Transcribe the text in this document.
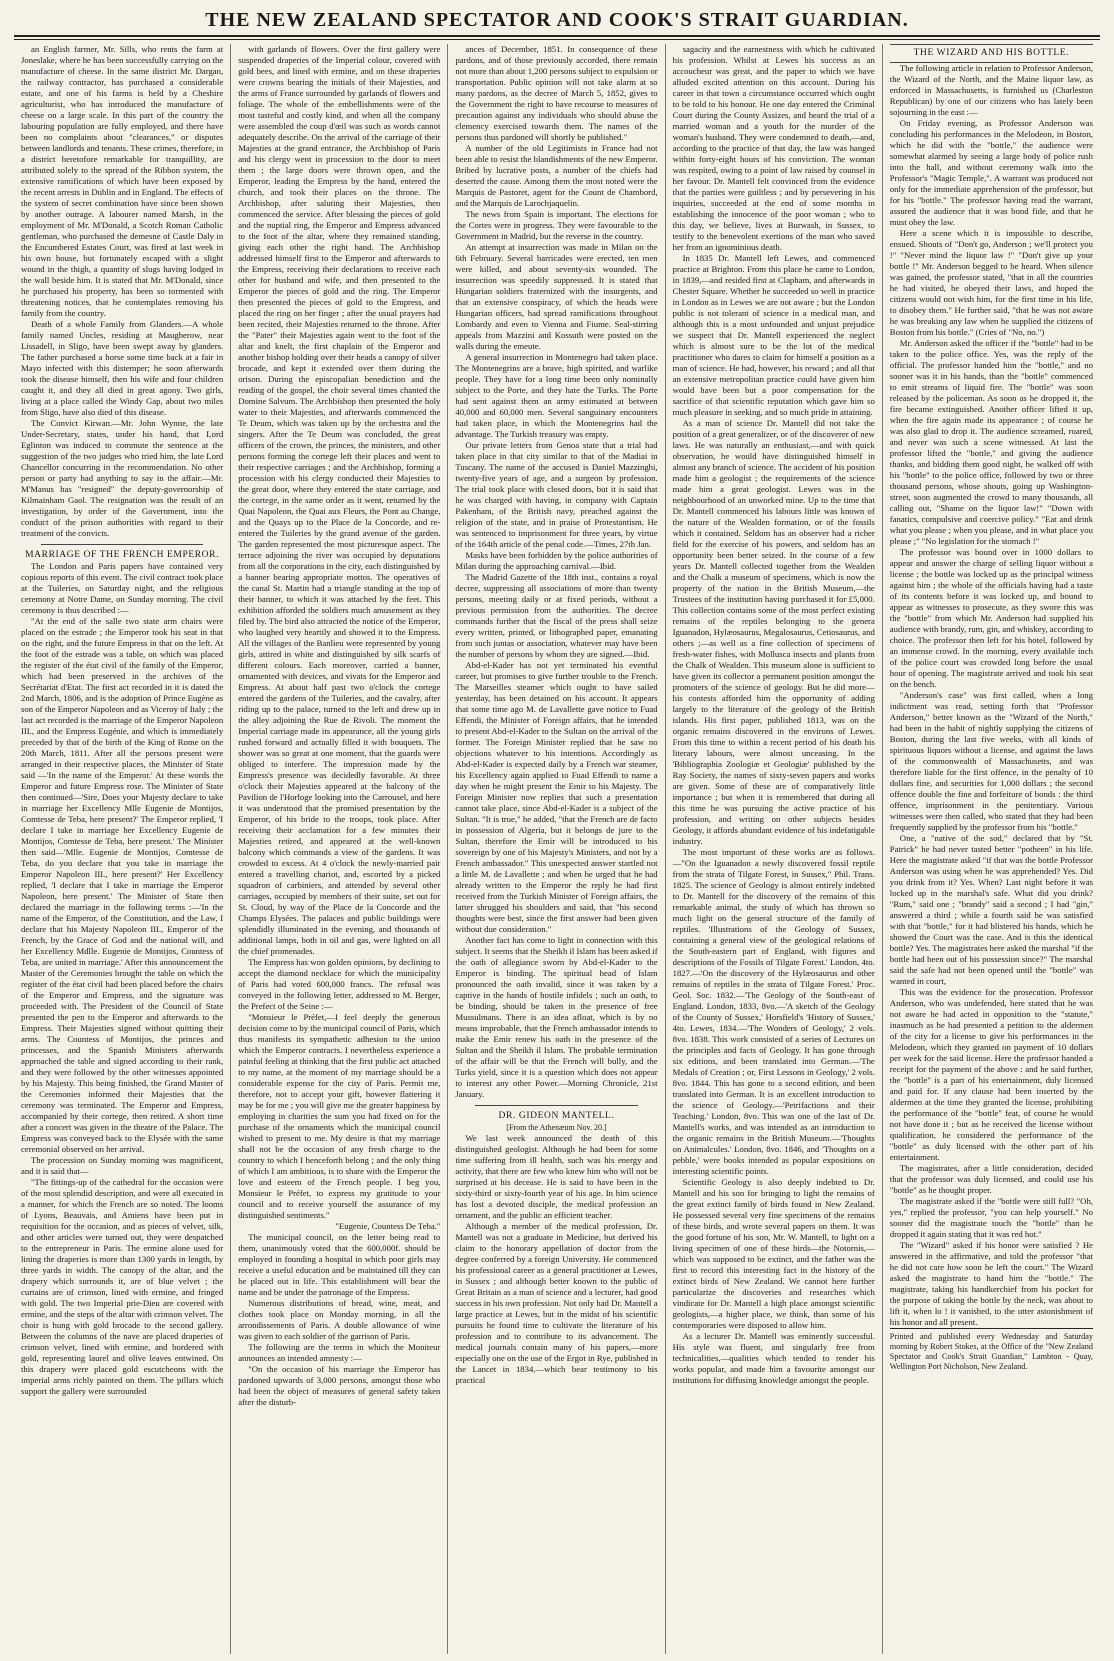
THE NEW ZEALAND SPECTATOR AND COOK'S STRAIT GUARDIAN.

an English farmer, Mr. Sills, who rents the farm at Joneslake, where he has been successfully carrying on the manufacture of cheese. In the same district Mr. Dargan, the railway contractor, has purchased a considerable estate, and one of his farms is held by a Cheshire agriculturist, who has introduced the manufacture of cheese on a large scale. In this part of the country the labouring population are fully employed, and there have been no complaints about "clearances," or disputes between landlords and tenants. These crimes, therefore, in a district heretofore remarkable for tranquillity, are attributed solely to the spread of the Ribbon system, the extensive ramifications of which have been exposed by the recent arrests in Dublin and in England. The effects of the system of secret combination have since been shown by another outrage. A labourer named Marsh, in the employment of Mr. M'Donald, a Scotch Roman Catholic gentleman, who purchased the demesne of Castle Daly in the Encumbered Estates Court, was fired at last week in his own house, but fortunately escaped with a slight wound in the thigh, a quantity of slugs having lodged in the wall beside him. It is stated that Mr. M'Donald, since he purchased his property, has been so tormented with threatening notices, that he contemplates removing his family from the country.

Death of a whole Family from Glanders.—A whole family named Uncles, residing at Maugherow, near Lissadell, in Sligo, have been swept away by glanders. The father purchased a horse some time back at a fair in Mayo infected with this distemper; he soon afterwards took the disease himself, then his wife and four children caught it, and they all died in great agony. Two girls, living at a place called the Windy Gap, about two miles from Sligo, have also died of this disease.

The Convict Kirwan.—Mr. John Wynne, the late Under-Secretary, states, under his hand, that Lord Eglinton was induced to commute the sentence at the suggestion of the two judges who tried him, the late Lord Chancellor concurring in the recommendation. No other person or party had anything to say in the affair.—Mr. M'Manus has "resigned" the deputy-governorship of Kilmainham Gaol. The resignation was the result of an investigation, by order of the Government, into the conduct of the prison authorities with regard to their treatment of the convicts.

MARRIAGE OF THE FRENCH EMPEROR.

The London and Paris papers have contained very copious reports of this event. The civil contract took place at the Tuileries, on Saturday night, and the religious ceremony at Notre Dame, on Sunday morning. The civil ceremony is thus described :—

"At the end of the salle two state arm chairs were placed on the estrade ; the Emperor took his seat in that on the right, and the future Empress in that on the left. At the foot of the estrade was a table, on which was placed the register of the état civil of the family of the Emperor, which had been preserved in the archives of the Secrétariat d'Etat. The first act recorded in it is dated the 2nd March, 1806, and is the adoption of Prince Eugène as son of the Emperor Napoleon and as Viceroy of Italy ; the last act recorded is the marriage of the Emperor Napoleon III., and the Empress Eugénie, and which is immediately preceded by that of the birth of the King of Rome on the 20th March, 1811. After all the persons present were arranged in their respective places, the Minister of State said —'In the name of the Emperor.' At these words the Emperor and future Empress rose. The Minister of State then continued—'Sire, Does your Majesty declare to take in marriage her Excellency Mlle Eugenie de Montijos, Comtesse de Teba, here present?' The Emperor replied, 'I declare I take in marriage her Excellency Eugenie de Montijos, Comtesse de Teba, here present.' The Minister then said—'Mlle. Eugenie de Montijos, Comtesse de Teba, do you declare that you take in marriage the Emperor Napoleon III., here present?' Her Excellency replied, 'I declare that I take in marriage the Emperor Napoleon, here present.' The Minister of State then declared the marriage in the following terms :—'In the name of the Emperor, of the Constitution, and the Law, I declare that his Majesty Napoleon III., Emperor of the French, by the Grace of God and the national will, and her Excellency Mdlle. Eugenie de Montijos, Countess of Teba, are united in marriage.' After this announcement the Master of the Ceremonies brought the table on which the register of the état civil had been placed before the chairs of the Emperor and Empress, and the signature was proceeded with. The President of the Council of State presented the pen to the Emperor and afterwards to the Empress. Their Majesties signed without quitting their arms. The Countess of Montijos, the princes and princesses, and the Spanish Ministers afterwards approached the table and signed according to their rank, and they were followed by the other witnesses appointed by his Majesty. This being finished, the Grand Master of the Ceremonies informed their Majesties that the ceremony was terminated. The Emperor and Empress, accompanied by their cortege, then retired. A short time after a concert was given in the theatre of the Palace. The Empress was conveyed back to the Elysée with the same ceremonial observed on her arrival.

The procession on Sunday morning was magnificent, and it is said that—

"The fittings-up of the cathedral for the occasion were of the most splendid description, and were all executed in a manner, for which the French are so noted. The looms of Lyons, Beauvais, and Amiens have been put in requisition for the occasion, and as pieces of velvet, silk, and other articles were turned out, they were despatched to the entrepreneur in Paris. The ermine alone used for lining the draperies is more than 1300 yards in length, by three yards in width. The canopy of the altar, and the drapery which surrounds it, are of blue velvet ; the curtains are of crimson, lined with ermine, and fringed with gold. The two Imperial prie-Dieu are covered with ermine, and the steps of the altar with crimson velvet. The choir is hung with gold brocade to the second gallery. Between the columns of the nave are placed draperies of crimson velvet, lined with ermine, and bordered with gold, representing laurel and olive leaves entwined. On this drapery were placed gold escutcheons with the imperial arms richly painted on them. The pillars which support the gallery were surrounded

with garlands of flowers. Over the first gallery were suspended draperies of the Imperial colour, covered with gold bees, and lined with ermine, and on these draperies were crowns bearing the initials of their Majesties, and the arms of France surrounded by garlands of flowers and foliage. The whole of the embellishments were of the most tasteful and costly kind, and when all the company were assembled the coup d'œil was such as words cannot adequately describe. On the arrival of the carriage of their Majesties at the grand entrance, the Archbishop of Paris and his clergy went in procession to the door to meet them ; the large doors were thrown open, and the Emperor, leading the Empress by the hand, entered the church, and took their places on the throne. The Archbishop, after saluting their Majesties, then commenced the service. After blessing the pieces of gold and the nuptial ring, the Emperor and Empress advanced to the foot of the altar, where they remained standing, giving each other the right hand. The Archbishop addressed himself first to the Emperor and afterwards to the Empress, receiving their declarations to receive each other for husband and wife, and then presented to the Emperor the pieces of gold and the ring. The Emperor then presented the pieces of gold to the Empress, and placed the ring on her finger ; after the usual prayers had been recited, their Majesties returned to the throne. After the "Pater" their Majesties again went to the foot of the altar and knelt, the first chaplain of the Emperor and another bishop holding over their heads a canopy of silver brocade, and kept it extended over them during the orison. During the episcopalian benediction and the reading of the gospel, the choir several times chanted the Domine Salvum. The Archbishop then presented the holy water to their Majesties, and afterwards commenced the Te Deum, which was taken up by the orchestra and the singers. After the Te Deum was concluded, the great officers of the crown, the princes, the ministers, and other persons forming the cortege left their places and went to their respective carriages ; and the Archbishop, forming a procession with his clergy conducted their Majesties to the great door, where they entered the state carriage, and the cortege, in the same order as it went, returned by the Quai Napoleon, the Quai aux Fleurs, the Pont au Change, and the Quays up to the Place de la Concorde, and re-entered the Tuileries by the grand avenue of the garden. The garden represented the most picturesque aspect. The terrace adjoining the river was occupied by deputations from all the corporations in the city, each distinguished by a banner bearing appropriate mottos. The operatives of the canal St. Martin had a triangle standing at the top of their banner, to which it was attached by the feet. This exhibition afforded the soldiers much amusement as they filed by. The bird also attracted the notice of the Emperor, who laughed very heartily and showed it to the Empress. All the villages of the Banlieu were represented by young girls, attired in white and distinguished by silk scarfs of different colours. Each moreover, carried a banner, ornamented with devices, and vivats for the Emperor and Empress. At about half past two o'clock the cortege entered the gardens of the Tuileries, and the cavalry, after riding up to the palace, turned to the left and drew up in the alley adjoining the Rue de Rivoli. The moment the Imperial carriage made its appearance, all the young girls rushed forward and actually filled it with bouquets. The shower was so great at one moment, that the guards were obliged to interfere. The impression made by the Empress's presence was decidedly favorable. At three o'clock their Majesties appeared at the balcony of the Pavilion de l'Horloge looking into the Carrousel, and here it was understood that the promised presentation by the Emperor, of his bride to the troops, took place. After receiving their acclamation for a few minutes their Majesties retired, and appeared at the well-known balcony which commands a view of the gardens. It was crowded to excess. At 4 o'clock the newly-married pair entered a travelling chariot, and, escorted by a picked squadron of carbiniers, and attended by several other carriages, occupied by members of their suite, set out for St. Cloud, by way of the Place de la Concorde and the Champs Elysées. The palaces and public buildings were splendidly illuminated in the evening, and thousands of additional lamps, both in oil and gas, were lighted on all the chief promenades.

The Empress has won golden opinions, by declining to accept the diamond necklace for which the municipality of Paris had voted 600,000 francs. The refusal was conveyed in the following letter, addressed to M. Berger, the Prefect of the Seine :—

"Monsieur le Préfet,—I feel deeply the generous decision come to by the municipal council of Paris, which thus manifests its sympathetic adhesion to the union which the Emperor contracts. I nevertheless experience a painful feeling at thinking that the first public act attached to my name, at the moment of my marriage should be a considerable expense for the city of Paris. Permit me, therefore, not to accept your gift, however flattering it may be for me ; you will give me the greater happiness by employing in charities the sum you had fixed on for the purchase of the ornaments which the municipal council wished to present to me. My desire is that my marriage shall not be the occasion of any fresh charge to the country to which I henceforth belong ; and the only thing of which I am ambitious, is to share with the Emperor the love and esteem of the French people. I beg you, Monsieur le Préfet, to express my gratitude to your council and to receive yourself the assurance of my distinguished sentiments."

"Eugenie, Countess De Teba."

The municipal council, on the letter being read to them, unanimously voted that the 600,000f. should be employed in founding a hospital in which poor girls may receive a useful education and be maintained till they can be placed out in life. This establishment will bear the name and be under the patronage of the Empress.

Numerous distributions of bread, wine, meat, and clothes took place on Monday morning, in all the arrondissements of Paris. A double allowance of wine was given to each soldier of the garrison of Paris.

The following are the terms in which the Moniteur announces an intended amnesty :—

"On the occasion of his marriage the Emperor has pardoned upwards of 3,000 persons, amongst those who had been the object of measures of general safety taken after the disturb-

ances of December, 1851. In consequence of these pardons, and of those previously accorded, there remain not more than about 1,200 persons subject to expulsion or transportation. Public opinion will not take alarm at so many pardons, as the decree of March 5, 1852, gives to the Government the right to have recourse to measures of precaution against any individuals who should abuse the clemency exercised towards them. The names of the persons thus pardoned will shortly be published."

A number of the old Legitimists in France had not been able to resist the blandishments of the new Emperor. Bribed by lucrative posts, a number of the chiefs had deserted the cause. Among them the most noted were the Marquis de Pastoret, agent for the Count de Chambord, and the Marquis de Larochjaquelin.

The news from Spain is important. The elections for the Cortes were in progress. They were favourable to the Government in Madrid, but the reverse in the country.

An attempt at insurrection was made in Milan on the 6th February. Several barricades were erected, ten men were killed, and about seventy-six wounded. The insurrection was speedily suppressed. It is stated that Hungarian soldiers fraternized with the insurgents, and that an extensive conspiracy, of which the heads were Hungarian officers, had spread ramifications throughout Lombardy and even to Vienna and Fiume. Seal-stirring appeals from Mazzini and Kossuth were posted on the walls during the emeute.

A general insurrection in Montenegro had taken place. The Montenegrins are a brave, high spirited, and warlike people. They have for a long time been only nominally subject to the Porte, and they hate the Turks. The Porte had sent against them an army estimated at between 40,000 and 60,000 men. Several sanguinary encounters had taken place, in which the Montenegrins had the advantage. The Turkish treasury was empty.

Our private letters from Genoa state that a trial had taken place in that city similar to that of the Madiai in Tuscany. The name of the accused is Daniel Mazzinghi, twenty-five years of age, and a surgeon by profession. The trial took place with closed doors, but it is said that he was charged with having, in company with Captain Pakenham, of the British navy, preached against the religion of the state, and in praise of Protestantism. He was sentenced to imprisonment for three years, by virtue of the 164th article of the penal code.—Times, 27th Jan.

Masks have been forbidden by the police authorities of Milan during the approaching carnival.—Ibid.

The Madrid Gazette of the 18th inst., contains a royal decree, suppressing all associations of more than twenty persons, meeting daily or at fixed periods, without a previous permission from the authorities. The decree commands further that the fiscal of the press shall seize every written, printed, or lithographed paper, emanating from such juntas or association, whatever may have been the number of persons by whom they are signed.—Ibid.

Abd-el-Kader has not yet terminated his eventful career, but promises to give further trouble to the French. The Marseilles steamer which ought to have sailed yesterday, has been detained on his account. It appears that some time ago M. de Lavallette gave notice to Fuad Effendi, the Minister of Foreign affairs, that he intended to present Abd-el-Kader to the Sultan on the arrival of the former. The Foreign Minister replied that he saw no objections whatever to his intentions. Accordingly as Abd-el-Kader is expected daily by a French war steamer, his Excellency again applied to Fuad Effendi to name a day when he might present the Emir to his Majesty. The Foreign Minister now replies that such a presentation cannot take place, since Abd-el-Kader is a subject of the Sultan. "It is true," he added, "that the French are de facto in possession of Algeria, but it belongs de jure to the Sultan, therefore the Emir will be introduced to his sovereign by one of his Majesty's Ministers, and not by a French ambassador." This unexpected answer startled not a little M. de Lavallette ; and when he urged that he had already written to the Emperor the reply he had first received from the Turkish Minister of Foreign affairs, the latter shrugged his shoulders and said, that "his second thoughts were best, since the first answer had been given without due consideration."

Another fact has come to light in connection with this subject. It seems that the Sheikh il Islam has been asked if the oath of allegiance sworn by Abd-el-Kader to the Emperor is binding. The spiritual head of Islam pronounced the oath invalid, since it was taken by a captive in the hands of hostile infidels ; such an oath, to be binding, should be taken in the presence of free Mussulmans. There is an idea afloat, which is by no means improbable, that the French ambassador intends to make the Emir renew his oath in the presence of the Sultan and the Sheikh il Islam. The probable termination of the affair will be that the French will bully, and the Turks yield, since it is a question which does not appear to interest any other Power.—Morning Chronicle, 21st January.

DR. GIDEON MANTELL.

[From the Athenæum Nov. 20.]

We last week announced the death of this distinguished geologist. Although he had been for some time suffering from ill health, such was his energy and activity, that there are few who knew him who will not be surprised at his decease. He is said to have been in the sixty-third or sixty-fourth year of his age. In him science has lost a devoted disciple, the medical profession an ornament, and the public an efficient teacher.

Although a member of the medical profession, Dr. Mantell was not a graduate in Medicine, but derived his claim to the honorary appellation of doctor from the degree conferred by a foreign University. He commenced his professional career as a general practitioner at Lewes, in Sussex ; and although better known to the public of Great Britain as a man of science and a lecturer, had good success in his own profession. Not only had Dr. Mantell a large practice at Lewes, but in the midst of his scientific pursuits he found time to cultivate the literature of his profession and to contribute to its advancement. The medical journals contain many of his papers,—more especially one on the use of the Ergot in Rye, published in the Lancet in 1834,—which bear testimony to his practical

sagacity and the earnestness with which he cultivated his profession. Whilst at Lewes his success as an accoucheur was great, and the paper to which we have alluded excited attention on this account. During his career in that town a circumstance occurred which ought to be told to his honour. He one day entered the Criminal Court during the County Assizes, and heard the trial of a married woman and a youth for the murder of the woman's husband. They were condemned to death,—and, according to the practice of that day, the law was hanged within forty-eight hours of his conviction. The woman was respited, owing to a point of law raised by counsel in her favour. Dr. Mantell felt convinced from the evidence that the parties were guiltless ; and by persevering in his inquiries, succeeded at the end of some months in establishing the innocence of the poor woman ; who to this day, we believe, lives at Burwash, in Sussex, to testify to the benevolent exertions of the man who saved her from an ignominious death.

In 1835 Dr. Mantell left Lewes, and commenced practice at Brighton. From this place he came to London, in 1839,—and resided first at Clapham, and afterwards in Chester Square. Whether he succeeded so well in practice in London as in Lewes we are not aware ; but the London public is not tolerant of science in a medical man, and although this is a most unfounded and unjust prejudice we suspect that Dr. Mantell experienced the neglect which is almost sure to be the lot of the medical practitioner who dares to claim for himself a position as a man of science. He had, however, his reward ; and all that an extensive metropolitan practice could have given him would have been but a poor compensation for the sacrifice of that scientific reputation which gave him so much pleasure in seeking, and so much pride in attaining.

As a man of science Dr. Mantell did not take the position of a great generalizer, or of the discoverer of new laws. He was naturally an enthusiast,—and with quick observation, he would have distinguished himself in almost any branch of science. The accident of his position made him a geologist ; the requirements of the science made him a great geologist. Lewes was in the neighbourhood of an unworked mine. Up to the time that Dr. Mantell commenced his labours little was known of the nature of the Wealden formation, or of the fossils which it contained. Seldom has an observer had a richer field for the exercise of his powers, and seldom has an opportunity been better seized. In the course of a few years Dr. Mantell collected together from the Wealden and the Chalk a museum of specimens, which is now the property of the nation in the British Museum,—the Trustees of the institution having purchased it for £5,000. This collection contains some of the most perfect existing remains of the reptiles belonging to the genera Iguanadon, Hylæosaurus, Megalosaurus, Cetiosaurus, and others ;—as well as a fine collection of specimens of fresh-water fishes, with Mollusca insects and plants from the Chalk of Wealden. This museum alone is sufficient to have given its collector a permanent position amongst the promoters of the science of geology. But he did more—his contests afforded him the opportunity of adding largely to the literature of the geology of the British islands. His first paper, published 1813, was on the organic remains discovered in the environs of Lewes. From this time to within a recent period of his death his literary labours, were almost unceasing. In the 'Bibliographia Zoologiæ et Geologiæ' published by the Ray Society, the names of sixty-seven papers and works are given. Some of these are of comparatively little importance ; but when it is remembered that during all this time he was pursuing the active practice of his profession, and writing on other subjects besides Geology, it affords abundant evidence of his indefatigable industry.

The most important of these works are as follows.—"On the Iguanadon a newly discovered fossil reptile from the strata of Tilgate Forest, in Sussex," Phil. Trans. 1825. The science of Geology is almost entirely indebted to Dr. Mantell for the discovery of the remains of this remarkable animal, the study of which has thrown so much light on the general structure of the family of reptiles. 'Illustrations of the Geology of Sussex, containing a general view of the geological relations of the South-eastern part of England, with figures and descriptions of the Fossils of Tilgate Forest.' London, 4to. 1827.—'On the discovery of the Hylæosaurus and other remains of reptiles in the strata of Tilgate Forest.' Proc. Geol. Soc. 1832.—'The Geology of the South-east of England. London, 1833, 8vo.—'A sketch of the Geology of the County of Sussex,' Horsfield's 'History of Sussex,' 4to. Lewes, 1834.—'The Wonders of Geology,' 2 vols. 8vo. 1838. This work consisted of a series of Lectures on the principles and facts of Geology. It has gone through six editions, and been translated into German.—'The Medals of Creation ; or, First Lessons in Geology,' 2 vols. 8vo. 1844. This has gone to a second edition, and been translated into German. It is an excellent introduction to the science of Geology.—'Petrifactions and their Teaching.' London, 8vo. This was one of the last of Dr. Mantell's works, and was intended as an introduction to the organic remains in the British Museum.—'Thoughts on Animalcules.' London, 8vo. 1846, and 'Thoughts on a pebble,' were books intended as popular expositions on interesting scientific points.

Scientific Geology is also deeply indebted to Dr. Mantell and his son for bringing to light the remains of the great extinct family of birds found in New Zealand. He possessed several very fine specimens of the remains of these birds, and wrote several papers on them. It was the good fortune of his son, Mr. W. Mantell, to light on a living specimen of one of these birds—the Notornis,—which was supposed to be extinct, and the father was the first to record this interesting fact in the history of the extinct birds of New Zealand. We cannot here further particularize the discoveries and researches which vindicate for Dr. Mantell a high place amongst scientific geologists,—a higher place, we think, than some of his contemporaries were disposed to allow him.

As a lecturer Dr. Mantell was eminently successful. His style was fluent, and singularly free from technicalities,—qualities which tended to render his works popular, and made him a favourite amongst our institutions for diffusing knowledge amongst the people.

THE WIZARD AND HIS BOTTLE.

The following article in relation to Professor Anderson, the Wizard of the North, and the Maine liquor law, as enforced in Massachusetts, is furnished us (Charleston Republican) by one of our citizens who has lately been sojourning in the east :—

On Friday evening, as Professor Anderson was concluding his performances in the Melodeon, in Boston, which he did with the "bottle," the audience were somewhat alarmed by seeing a large body of police rush into the hall, and without ceremony walk into the Professor's "Magic Temple,". A warrant was produced not only for the immediate apprehension of the professor, but for his "bottle." The professor having read the warrant, assured the audience that it was bond fide, and that he must obey the law.

Here a scene which it is impossible to describe, ensued. Shouts of "Don't go, Anderson ; we'll protect you !" "Never mind the liquor law !" "Don't give up your bottle !" Mr. Anderson begged to be heard. When silence was gained, the professor stated, "that in all the countries he had visited, he obeyed their laws, and hoped the citizens would not wish him, for the first time in his life, to disobey them." He further said, "that he was not aware he was breaking any law when he supplied the citizens of Boston from his bottle." (Cries of "No, no.")

Mr. Anderson asked the officer if the "bottle" had to be taken to the police office. Yes, was the reply of the official. The professor handed him the "bottle," and no sooner was it in his hands, than the "bottle" commenced to emit streams of liquid fire. The "bottle" was soon released by the policeman. As soon as he dropped it, the fire became extinguished. Another officer lifted it up, when the fire again made its appearance ; of course he was also glad to drop it. The audience screamed, roared, and never was such a scene witnessed. At last the professor lifted the "bottle," and giving the audience thanks, and bidding them good night, he walked off with his "bottle" to the police office, followed by two or three thousand persons, whose shouts, going up Washington-street, soon augmented the crowd to many thousands, all calling out, "Shame on the liquor law!" "Down with fanatics, compulsive and coercive policy." "Eat and drink what you please ; when you please, and in what place you please ;" "No legislation for the stomach !"

The professor was bound over in 1000 dollars to appear and answer the charge of selling liquor without a license ; the bottle was locked up as the principal witness against him ; the whole of the officials having had a taste of its contents before it was locked up, and bound to appear as witnesses to prosecute, as they swore this was the "bottle" from which Mr. Anderson had supplied his audience with brandy, rum, gin, and whiskey, according to choice. The professor then left for his hotel, followed by an immense crowd. In the morning, every available inch of the police court was crowded long before the usual hour of opening. The magistrate arrived and took his seat on the bench.

"Anderson's case" was first called, when a long indictment was read, setting forth that "Professor Anderson," better known as the "Wizard of the North," had been in the habit of nightly supplying the citizens of Boston, during the last five weeks, with all kinds of spirituous liquors without a license, and against the laws of the commonwealth of Massachusetts, and was therefore liable for the first offence, in the penalty of 10 dollars fine, and securities for 1,000 dollars ; the second offence double the fine and forfeiture of bonds : the third offence, imprisonment in the penitentiary. Various witnesses were then called, who stated that they had been frequently supplied by the professor from his "bottle."

One, a "native of the sod," declared that by "St. Patrick" he had never tasted better "potheen" in his life. Here the magistrate asked "if that was the bottle Professor Anderson was using when he was apprehended? Yes. Did you drink from it? Yes. When? Last night before it was locked up in the marshal's safe. What did you drink? "Rum," said one ; "brandy" said a second ; I had "gin," answered a third ; while a fourth said he was satisfied with that "bottle," for it had blistered his hands, which he showed the Court was the case. And is this the identical bottle? Yes. The magistrates here asked the marshal "if the bottle had been out of his possession since?" The marshal said the safe had not been opened until the "bottle" was wanted in court,

This was the evidence for the prosecution. Professor Anderson, who was undefended, here stated that he was not aware he had acted in opposition to the "statute," inasmuch as he had presented a petition to the aldermen of the city for a license to give his performances in the Melodeon, which they granted on payment of 10 dollars per week for the said license. Here the professor handed a receipt for the payment of the above : and he said further, the "bottle" is a part of his entertainment, duly licensed and paid for. If any clause had been inserted by the aldermen at the time they granted the license, prohibiting the performance of the "bottle" feat, of course he would not have done it ; but as he received the license without qualification, he considered the performance of the "bottle" as duly licensed with the other part of his entertainment.

The magistrates, after a little consideration, decided that the professor was duly licensed, and could use his "bottle" as he thought proper.

The magistrate asked if the "bottle were still full? "Oh, yes," replied the professor, "you can help yourself." No sooner did the magistrate touch the "bottle" than he dropped it again stating that it was red hot."

The "Wizard" asked if his honor were satisfied ? He answered in the affirmative, and told the professor "that he did not care how soon he left the court." The Wizard asked the magistrate to hand him the "bottle." The magistrate, taking his handkerchief from his pocket for the purpose of taking the bottle by the neck, was about to lift it, when lo ! it vanished, to the utter astonishment of his honor and all present.

Printed and published every Wednesday and Saturday morning by Robert Stokes, at the Office of the "New Zealand Spectator and Cook's Strait Guardian," Lambton - Quay, Wellington Port Nicholson, New Zealand.
